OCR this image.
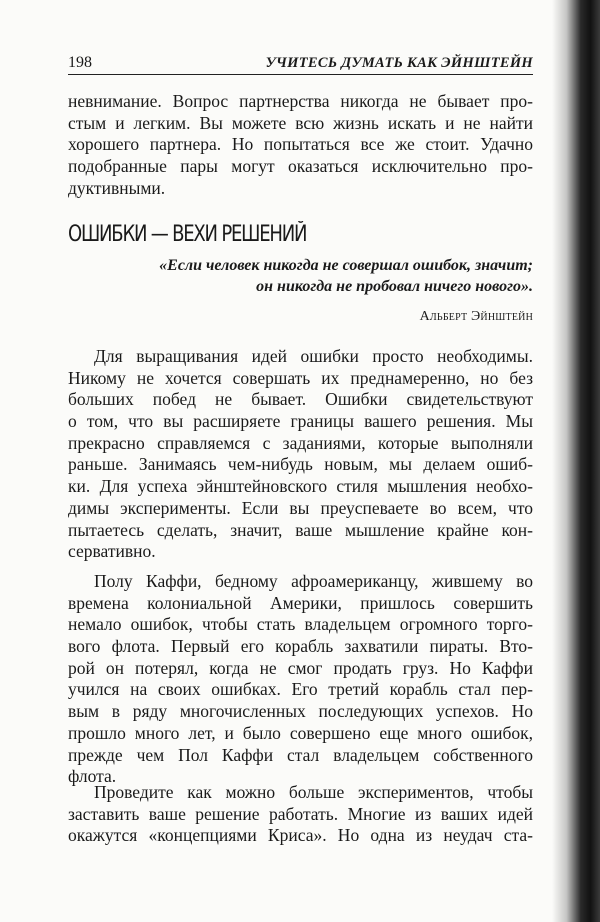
198	УЧИТЕСЬ ДУМАТЬ КАК ЭЙНШТЕЙН
невнимание. Вопрос партнерства никогда не бывает про-
стым и легким. Вы можете всю жизнь искать и не найти
хорошего партнера. Но попытаться все же стоит. Удачно
подобранные пары могут оказаться исключительно про-
дуктивными.
ОШИБКИ — ВЕХИ РЕШЕНИЙ
«Если человек никогда не совершал ошибок, значит;
он никогда не пробовал ничего нового».
Альберт Эйнштейн
Для выращивания идей ошибки просто необходимы.
Никому не хочется совершать их преднамеренно, но без
больших побед не бывает. Ошибки свидетельствуют
о том, что вы расширяете границы вашего решения. Мы
прекрасно справляемся с заданиями, которые выполняли
раньше. Занимаясь чем-нибудь новым, мы делаем ошиб-
ки. Для успеха эйнштейновского стиля мышления необхо-
димы эксперименты. Если вы преуспеваете во всем, что
пытаетесь сделать, значит, ваше мышление крайне кон-
сервативно.
Полу Каффи, бедному афроамериканцу, жившему во
времена колониальной Америки, пришлось совершить
немало ошибок, чтобы стать владельцем огромного торго-
вого флота. Первый его корабль захватили пираты. Вто-
рой он потерял, когда не смог продать груз. Но Каффи
учился на своих ошибках. Его третий корабль стал пер-
вым в ряду многочисленных последующих успехов. Но
прошло много лет, и было совершено еще много ошибок,
прежде чем Пол Каффи стал владельцем собственного
флота.
Проведите как можно больше экспериментов, чтобы
заставить ваше решение работать. Многие из ваших идей
окажутся «концепциями Криса». Но одна из неудач ста-
